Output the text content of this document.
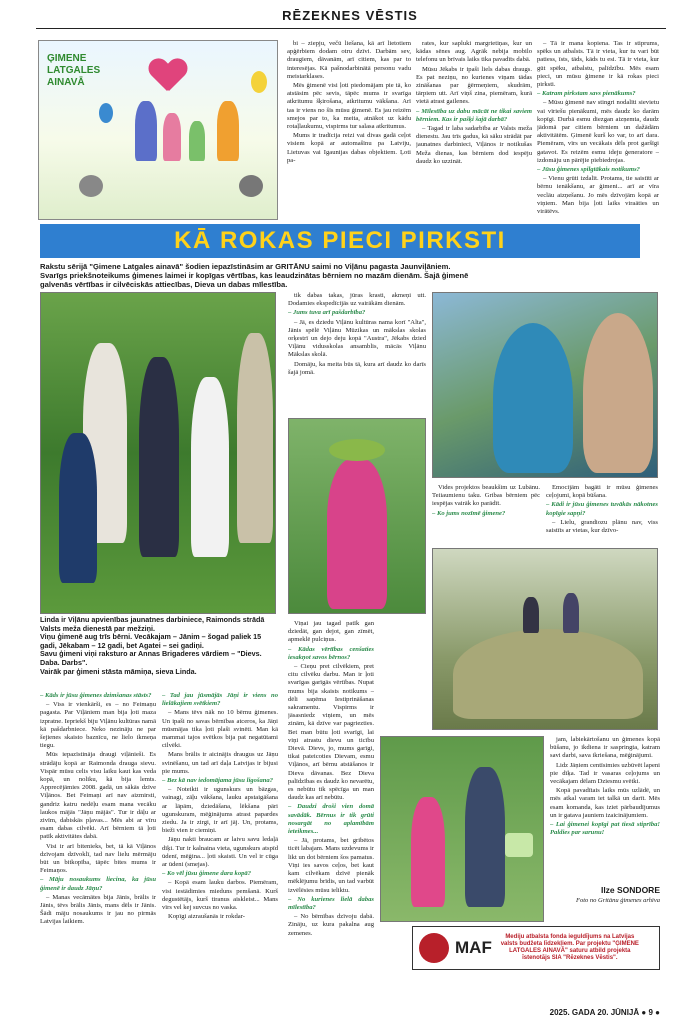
RĒZEKNES VĒSTIS
ĢIMENE LATGALES AINAVĀ

bi – ziepju, večū liešana, kā arī lietotiem apģērbiem dodam otru dzīvi. Darbām sev, draugiem, dāvanām, arī citiem, kas par to interesējas. Kā pašnodarbinātā personu vadu meistarklases.

Mēs ģimenē visi ļoti piedomājam pie tā, ko atstāsim pēc sevis, tāpēc mums ir svarīga atkritumu šķirošana, atkritumu vākšana. Arī tas ir viens no šīs mūsu ģimenē. Es jau reizēm smejos par to, ka meita, atnākot uz kādu rotaļlaukumu, vispirms tur salasa atkritumus.

Mums ir tradīcija reizi vai divas gadā ceļot visiem kopā ar automašīnu pa Latviju, Lietuvas vai Igaunijas dabas objektiem. Ļoti pa-

rates, kur sapluki margrietiņas, kur un kādas sēnes aug. Agrāk nebija mobilo telefonu un brīvais laiks tika pavadīts dabā.

Mūsu Jēkabs ir ipaši liels dabas draugs. Es pat neziņu, no kurienes viņam tādas zināšanas par ģērmeņiem, skudrām, tārpiem utt. Arī viņš zina, piemēram, kurā vietā atrast gailenes.

– Mīlestība uz dabu mācāt ne tikai saviem bērniem. Kas ir pašķi šajā darbā?

– Tagad ir laba sadarbība ar Valsts meža dienestu. Jau trīs gadus, kā sāku strādāt par jaunatnes darbinieci, Viļānos ir notikušas Meža dienas, kas bērniem dod iespēju daudz ko uzzināt.

– Tā ir mana kopiena. Tas ir stiprums, spēks un atbalsts. Tā ir vieta, kur tu vari būt patiess, īsts, tāds, kāds tu esi. Tā ir vieta, kur gūt spēku, atbalstu, palīdzību. Mēs esam pieci, un mūsu ģimene ir kā rokas pieci pirksti.

– Katram pirkstam savs pienākums?

– Mūsu ģimenē nav stingri nodalīti sievietu vai vīriešu pienākumi, mēs daudz ko darām kopīgi. Durbā esmu diezgan aizņemta, daudz jādomā par citiem bērniem un dažādām aktivitātēm. Ģimenē kurš ko var, to arī dara. Piemēram, vīrs un vecākais dēls prot garšīgi gatavot. Es reizēm esmu ideju ģeneratore – izdomāju un pārējie piebiedrojas.

– Jūsu ģimenes spilgtākais notikums?

– Vienu grūti izdalīt. Protams, tie saistīti ar bērnu ienākšanu, ar ģimeni... arī ar vīra veclāu aizņešanu. Jo mēs dzīvojām kopā ar viņiem. Man bija ļoti laiks viraāties un virātēvs.

KĀ ROKAS PIECI PIRKSTI
Rakstu sērijā "Ģimene Latgales ainavā" šodien iepazīstināsim ar GRITĀNU saimi no Viļānu pagasta Jaunviļāniem.
Svarīgs priekšnoteikums ģimenes laimei ir kopīgas vērtības, kas leaudzinātas bērniem no mazām dienām. Šajā ģimenē galvenās vērtības ir cilvēciskās attiecības, Dieva un dabas mīlestība.
Linda ir Viļānu apvienības jaunatnes darbiniece, Raimonds strādā Valsts meža dienestā par mežziņi.
Viņu ģimenē aug trīs bērni. Vecākajam – Jānim – šogad paliek 15 gadi, Jēkabam – 12 gadi, bet Agatei – sei gadiņi.
Savu ģimeni viņi raksturo ar Annas Brigaderes vārdiem – "Dievs. Daba. Darbs".
Vairāk par ģimeni stāsta māmiņa, sieva Linda.

tik dabas takas, jūras krasti, akmeņi utt. Dodamies ekspedīcijās uz vairākām dienām.

– Jums tuva arī pašdarbība?

– Jā, es dziedu Viļānu kultūras nama korī "Alta", Jānis spēlē Viļānu Mūzikas un mākslas skolas orķestrī un dejo deju kopā "Austra", Jēkabs dzied Viļānu vidusskolas ansamblis, mācās Viļānu Mākslas skolā.

Domāju, ka meita būs tā, kura arī daudz ko darīs šajā jomā.

Vides projektos beaukšim uz Lubānu. Teiiaumienu taku. Gribas bērniem pēc iespējas vairāk ko parādīt.

– Ko jums nozīmē ģimene?

Emocijām bagāti ir mūsu ģimenes ceļojumi, kopā būšana.

– Kādi ir jūsu ģimenes tuvākās nākotnes kopīgie sapņi?

– Lielu, grandiozu plānu nav, viss saistīts ar vietas, kur dzīvo-

– Kāds ir jūsu ģimenes dzimšanas stāsts?

– Viss ir vienkārši, es – no Feimaņu pagasta. Par Viļāniem man bija ļoti maza izpratne. Iepriekš biju Viļānu kultūras namā kā pašdarbniece. Neko nezināju ne par šejienes skaisto baznīcu, ne lielo ikmeņa tiegu.

Mūs iepazīstināja draugi viļānieši. Es strādāju kopā ar Raimonda drauga sievu. Vispār mūsu celis visu laiku kaut kas veda kopā, un noliku, kā bija lemts. Apprecējāmies 2008. gadā, un sākās dzīve Viļānos. Bet Feimaņi arī nav aizmirsti, gandriz katru nedēļu esam mana vecāku laukos mājās "Jāņu mājās". Tur ir dāļu ar zivīm, dabiskās pļavas... Mēs abi ar vīru esam dabas cilvēki. Arī bērniem tā ļoti patīk aktivitātes dabā.

Visi ir arī bitenieks, bet, tā kā Viļānos dzīvojam dzīvoklī, tad nav lielu mērmāju būt un bitkopība, tāpēc bites mums ir Feimaņos.

– Māju nosaukums liecina, ka jūsu ģimenē ir daudz Jāņu?

– Manas vecāmātes bija Jānis, brālis ir Jānis, tēvs brālis Jānis, mans dēls ir Jānis. Šādi māju nosaukums ir jau no pirmās Latvijas laikiem.

– Tad jau jūsmājās Jāņi ir viens no lielākajiem svētkiem?

– Mans tēvs nāk no 10 bērnu ģimenes. Un ipaši no savas bērnības atceros, ka Jāņi mūsmājas tika ļoti plaši svinēti. Man kā mammai tajos svētkos bija pat negatūtami cilvēki.

Mans brālis ir aicinājis draugus uz Jāņu svinēšanu, un tad arī daļa Latvijas ir bijusi pie mums.

– Bez kā nav iedomājama jūsu ligošana?

– Noteikti ir ugunskurs un bāzgas, vainagi, zāļu vākšana, lauku apstaigāšana ar lāpām, dziedāšana, lēkšana pāri ugunskuram, mēģinājums atrast papardes ziedu. Ja ir zirgi, ir arī jāj. Un, protams, bieži vien ir ciemiņi.

Jāņu nakti braucam ar laivu savu ledaļā dīķi. Tur ir kalnaina vieta, ugunskurs atspīd ūdenī, mēģina... ļoti skaisti. Un vel ir cūga ar ūdeni (smejas).

– Ko vēl jūsu ģimene dara kopā?

– Kopā esam lauku darbos. Piemēram, visi iestādimies mieduns pemšanā. Kurš degustētājs, kurš tiranus aiskleist... Mans vīrs vel kej suvcus no vaska.

Kopīgi aizraušanās ir rokdar-

Viņai jau tagad patīk gan dziedāt, gan dejot, gan zīmēt, apmeklē pulciņus.

– Kādas vērtības cenšaties iesakņot savos bērnos?

– Cieņu pret cilvēkiem, pret citu cilvēku darbu. Man ir ļoti svarīgas garīgās vērtības. Nupat mums bija skaists notikums – dēli saņēma Iestiprināšanas sakramentu. Vispirms ir jāsasniedz viņiem, un mēs zinām, kā dzīve var pagriezties. Bet man būtu ļoti svarīgi, lai viņi atrastu dievu un ticību Dievā. Dievs, jo, mums garīgi, tikai pateicoties Dievam, esmu Viļānos, arī bērnu atstāšanos ir Dieva dāvanas. Bez Dieva palīdzības es daudz ko nevarētu, es nebūtu tik spēcīga un man daudz kas arī nebūtu.

– Daudzi droši vien domā savādāk. Bērnus ir tik grūti nosargāt no aplamībām ieteikmes...

– Jā, protams, bet gribētos ticēt labajam. Mans uzdevums ir likt un dot bērniem šos pamatus. Viņi ies savos ceļos, bet kaut kam cilvēkam dzīvē pienāk mēklējumu brīdis, un tad varbūt izvēlēsies mūsu ieliktu.

– No kurienes lielā dabas mīlestība?

– No bērnības dzīvoju dabā. Zināju, uz kura pakalna aug zemenes.

jam, labiekārtošanu un ģimenes kopā būšanu, jo ikdiena ir saspringta, katram savi darbi, sava ikriešana, mēģinājumi.

Lidz Jāņiem centīsimies uzbūvēt lapeni pie dīķa. Tad ir vasaras ceļojums un vecākajam dēlam Dziesmu svētki.

Kopā pavadītais laiks mūs uzlādē, un mēs atkal varam iet talkā un darīt. Mēs esam komanda, kas iziet pārbaudījumus un ir gatava jauniem izaicinājumiem.

– Lai ģimenei kopīgi pat tiesā stiprība! Paldies par sarunu!

Ilze SONDORE
Foto no Gritānu ģimenes arhīva
MAF
Mediju atbalsta fonda ieguldījums na Latvijas valsts budžeta līdzekļiem. Par projektu "ĢIMENE LATGALES AINAVĀ" saturu atbild projekta īstenotājs SIA "Rēzeknes Vēstis".
2025. GADA 20. JŪNIJĀ ● 9 ●
